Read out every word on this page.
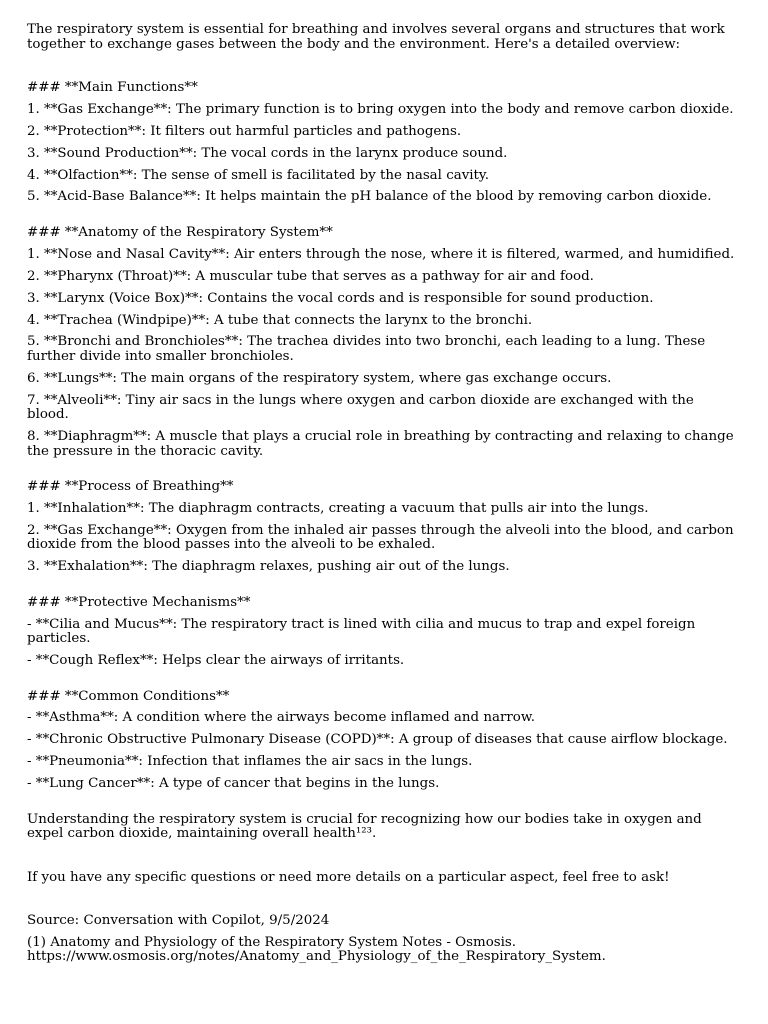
The respiratory system is essential for breathing and involves several organs and structures that work together to exchange gases between the body and the environment. Here's a detailed overview:
### **Main Functions**
1. **Gas Exchange**: The primary function is to bring oxygen into the body and remove carbon dioxide.
2. **Protection**: It filters out harmful particles and pathogens.
3. **Sound Production**: The vocal cords in the larynx produce sound.
4. **Olfaction**: The sense of smell is facilitated by the nasal cavity.
5. **Acid-Base Balance**: It helps maintain the pH balance of the blood by removing carbon dioxide.
### **Anatomy of the Respiratory System**
1. **Nose and Nasal Cavity**: Air enters through the nose, where it is filtered, warmed, and humidified.
2. **Pharynx (Throat)**: A muscular tube that serves as a pathway for air and food.
3. **Larynx (Voice Box)**: Contains the vocal cords and is responsible for sound production.
4. **Trachea (Windpipe)**: A tube that connects the larynx to the bronchi.
5. **Bronchi and Bronchioles**: The trachea divides into two bronchi, each leading to a lung. These further divide into smaller bronchioles.
6. **Lungs**: The main organs of the respiratory system, where gas exchange occurs.
7. **Alveoli**: Tiny air sacs in the lungs where oxygen and carbon dioxide are exchanged with the blood.
8. **Diaphragm**: A muscle that plays a crucial role in breathing by contracting and relaxing to change the pressure in the thoracic cavity.
### **Process of Breathing**
1. **Inhalation**: The diaphragm contracts, creating a vacuum that pulls air into the lungs.
2. **Gas Exchange**: Oxygen from the inhaled air passes through the alveoli into the blood, and carbon dioxide from the blood passes into the alveoli to be exhaled.
3. **Exhalation**: The diaphragm relaxes, pushing air out of the lungs.
### **Protective Mechanisms**
- **Cilia and Mucus**: The respiratory tract is lined with cilia and mucus to trap and expel foreign particles.
- **Cough Reflex**: Helps clear the airways of irritants.
### **Common Conditions**
- **Asthma**: A condition where the airways become inflamed and narrow.
- **Chronic Obstructive Pulmonary Disease (COPD)**: A group of diseases that cause airflow blockage.
- **Pneumonia**: Infection that inflames the air sacs in the lungs.
- **Lung Cancer**: A type of cancer that begins in the lungs.
Understanding the respiratory system is crucial for recognizing how our bodies take in oxygen and expel carbon dioxide, maintaining overall health¹²³.
If you have any specific questions or need more details on a particular aspect, feel free to ask!
Source: Conversation with Copilot, 9/5/2024
(1) Anatomy and Physiology of the Respiratory System Notes - Osmosis. https://www.osmosis.org/notes/Anatomy_and_Physiology_of_the_Respiratory_System.
